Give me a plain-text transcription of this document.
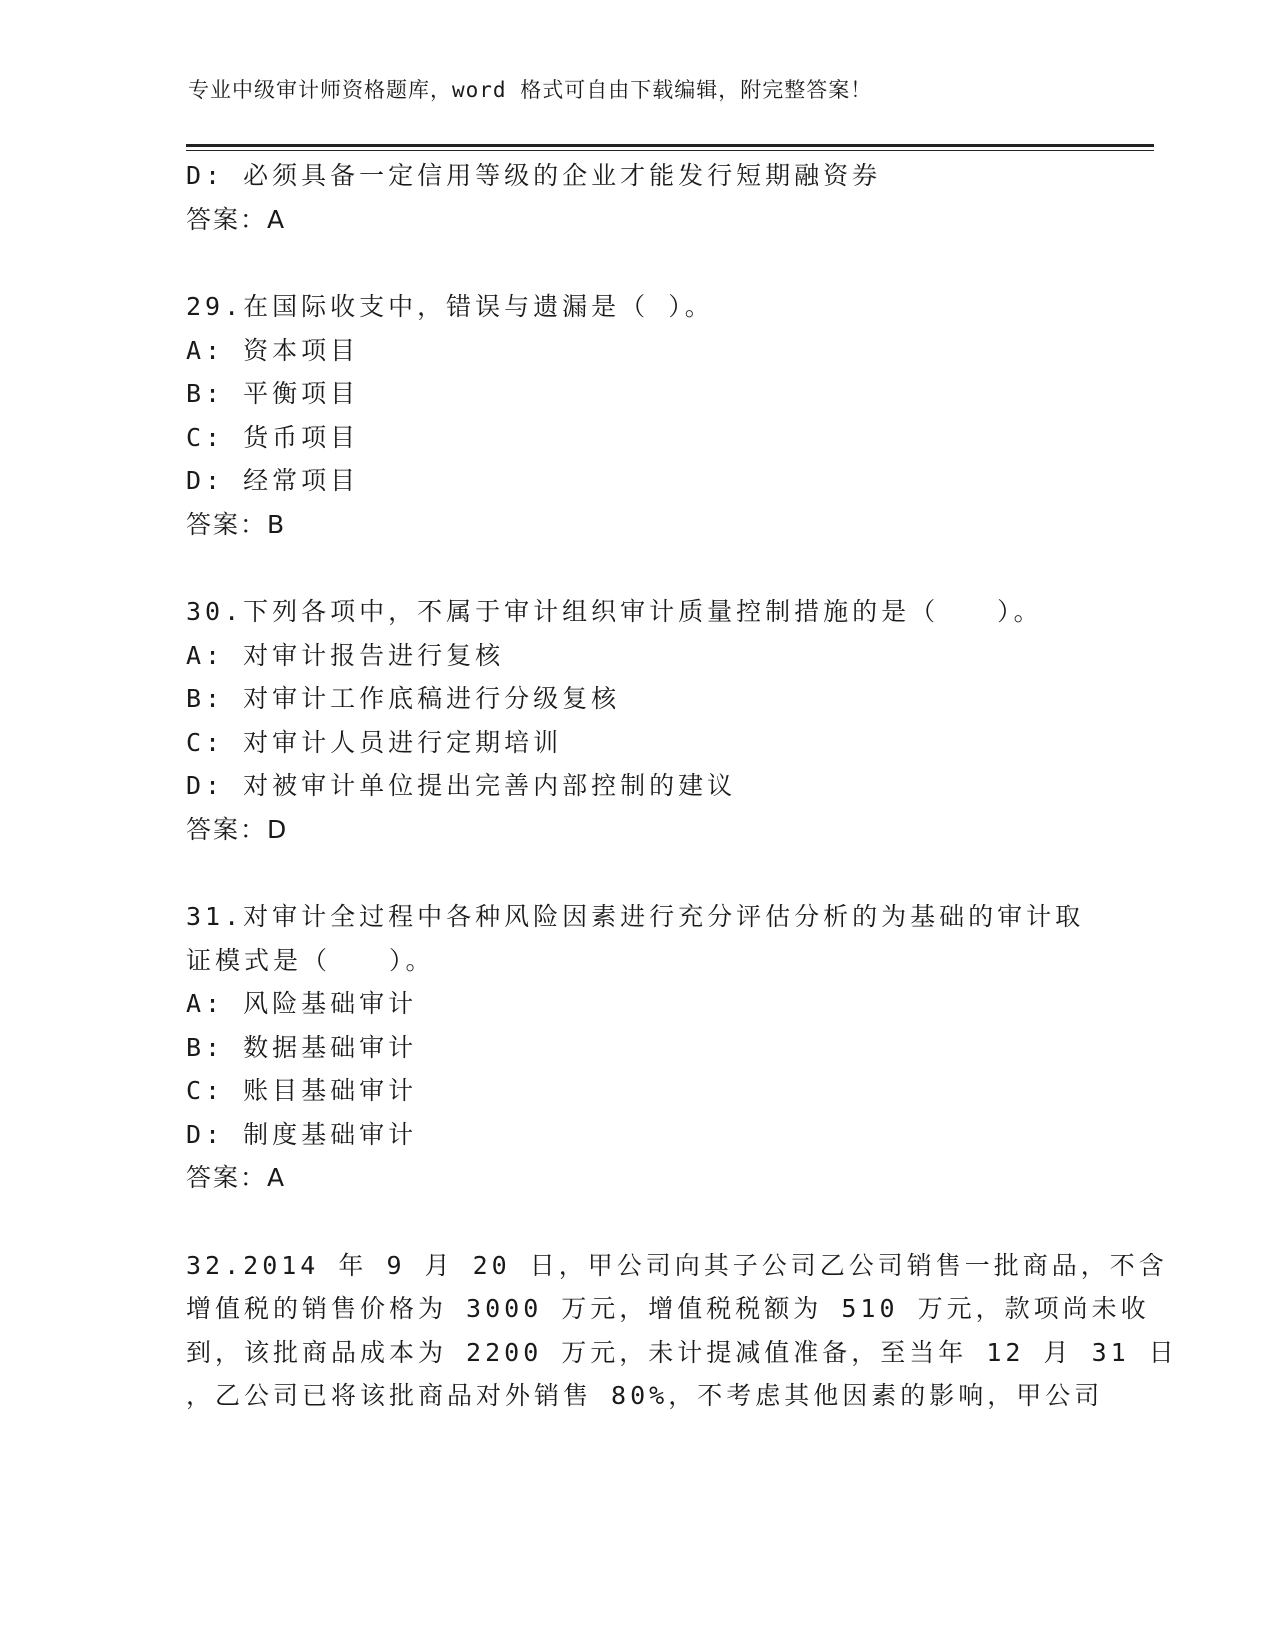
专业中级审计师资格题库，word 格式可自由下载编辑，附完整答案！
D: 必须具备一定信用等级的企业才能发行短期融资券
答案：A
29.在国际收支中，错误与遗漏是（ ）。
A: 资本项目
B: 平衡项目
C: 货币项目
D: 经常项目
答案：B
30.下列各项中，不属于审计组织审计质量控制措施的是（　　）。
A: 对审计报告进行复核
B: 对审计工作底稿进行分级复核
C: 对审计人员进行定期培训
D: 对被审计单位提出完善内部控制的建议
答案：D
31.对审计全过程中各种风险因素进行充分评估分析的为基础的审计取
证模式是（　　）。
A: 风险基础审计
B: 数据基础审计
C: 账目基础审计
D: 制度基础审计
答案：A
32.2014 年 9 月 20 日，甲公司向其子公司乙公司销售一批商品，不含
增值税的销售价格为 3000 万元，增值税税额为 510 万元，款项尚未收
到，该批商品成本为 2200 万元，未计提减值准备，至当年 12 月 31 日
，乙公司已将该批商品对外销售 80%，不考虑其他因素的影响，甲公司
